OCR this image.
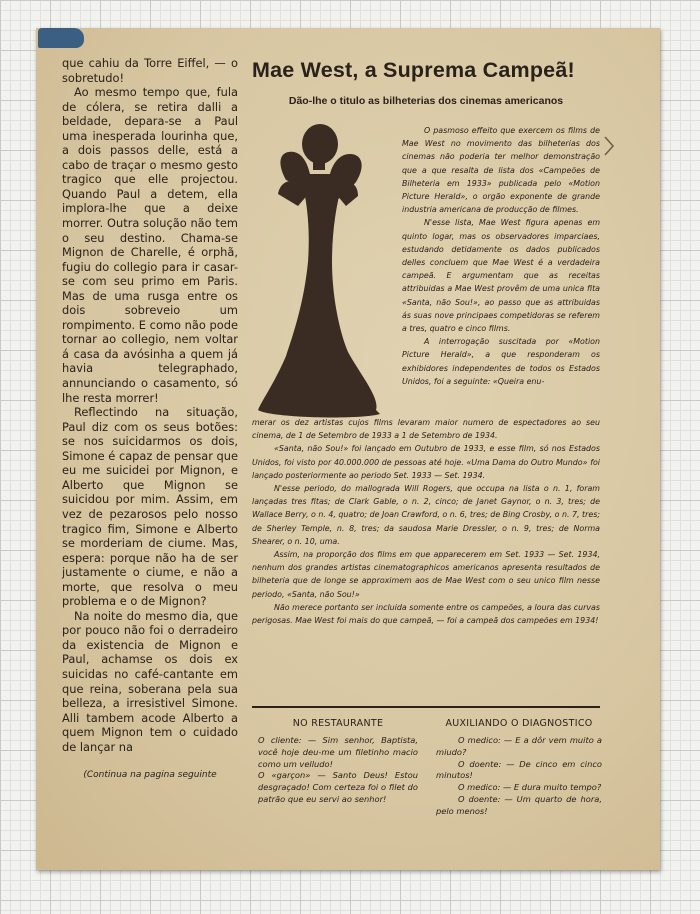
que cahiu da Torre Eiffel, — o sobretudo!

Ao mesmo tempo que, fula de cólera, se retira dalli a beldade, depara-se a Paul uma inesperada lourinha que, a dois passos delle, está a cabo de traçar o mesmo gesto tragico que elle projectou. Quando Paul a detem, ella implora-lhe que a deixe morrer. Outra solução não tem o seu destino. Chama-se Mignon de Charelle, é orphã, fugiu do collegio para ir casar-se com seu primo em Paris. Mas de uma rusga entre os dois sobreveio um rompimento. E como não pode tornar ao collegio, nem voltar á casa da avósinha a quem já havia telegraphado, annunciando o casamento, só lhe resta morrer!

Reflectindo na situação, Paul diz com os seus botões: se nos suicidarmos os dois, Simone é capaz de pensar que eu me suicidei por Mignon, e Alberto que Mignon se suicidou por mim. Assim, em vez de pezarosos pelo nosso tragico fim, Simone e Alberto se morderiam de ciume. Mas, espera: porque não ha de ser justamente o ciume, e não a morte, que resolva o meu problema e o de Mignon?

Na noite do mesmo dia, que por pouco não foi o derradeiro da existencia de Mignon e Paul, achamse os dois ex suicidas no café-cantante em que reina, soberana pela sua belleza, a irresistivel Simone. Alli tambem acode Alberto a quem Mignon tem o cuidado de lançar na

(Continua na pagina seguinte

Mae West, a Suprema Campeã!
Dão-lhe o titulo as bilheterias dos cinemas americanos

O pasmoso effeito que exercem os films de Mae West no movimento das bilheterias dos cinemas não poderia ter melhor demonstração que a que resalta de lista dos «Campeões de Bilheteria em 1933» publicada pelo «Motion Picture Herald», o orgão exponente de grande industria americana de producção de filmes.

N'esse lista, Mae West figura apenas em quinto logar, mas os observadores imparciaes, estudando detidamente os dados publicados delles concluem que Mae West é a verdadeira campeã. E argumentam que as receitas attribuidas a Mae West provêm de uma unica fita «Santa, não Sou!», ao passo que as attribuidas ás suas nove principaes competidoras se referem a tres, quatro e cinco films.

A interrogação suscitada por «Motion Picture Herald», a que responderam os exhibidores independentes de todos os Estados Unidos, foi a seguinte: «Queira enu-

merar os dez artistas cujos films levaram maior numero de espectadores ao seu cinema, de 1 de Setembro de 1933 a 1 de Setembro de 1934.

«Santa, não Sou!» foi lançado em Outubro de 1933, e esse film, só nos Estados Unidos, foi visto por 40.000.000 de pessoas até hoje. «Uma Dama do Outro Mundo» foi lançado posteriormente ao periodo Set. 1933 — Set. 1934.

N'esse periodo, do mallograda Will Rogers, que occupa na lista o n. 1, foram lançadas tres fitas; de Clark Gable, o n. 2, cinco; de Janet Gaynor, o n. 3, tres; de Wallace Berry, o n. 4, quatro; de Joan Crawford, o n. 6, tres; de Bing Crosby, o n. 7, tres; de Sherley Temple, n. 8, tres; da saudosa Marie Dressler, o n. 9, tres; de Norma Shearer, o n. 10, uma.

Assim, na proporção dos films em que apparecerem em Set. 1933 — Set. 1934, nenhum dos grandes artistas cinematographicos americanos apresenta resultados de bilheteria que de longe se approximem aos de Mae West com o seu unico film nesse periodo, «Santa, não Sou!»

Não merece portanto ser incluida somente entre os campeões, a loura das curvas perigosas. Mae West foi mais do que campeã, — foi a campeã dos campeões em 1934!

NO RESTAURANTE

O cliente: — Sim senhor, Baptista, você hoje deu-me um filetinho macio como um velludo!

O «garçon» — Santo Deus! Estou desgraçado! Com certeza foi o filet do patrão que eu servi ao senhor!

AUXILIANDO O DIAGNOSTICO

O medico: — E a dôr vem muito a miudo?

O doente: — De cinco em cinco minutos!

O medico: — E dura muito tempo?

O doente: — Um quarto de hora, pelo menos!
